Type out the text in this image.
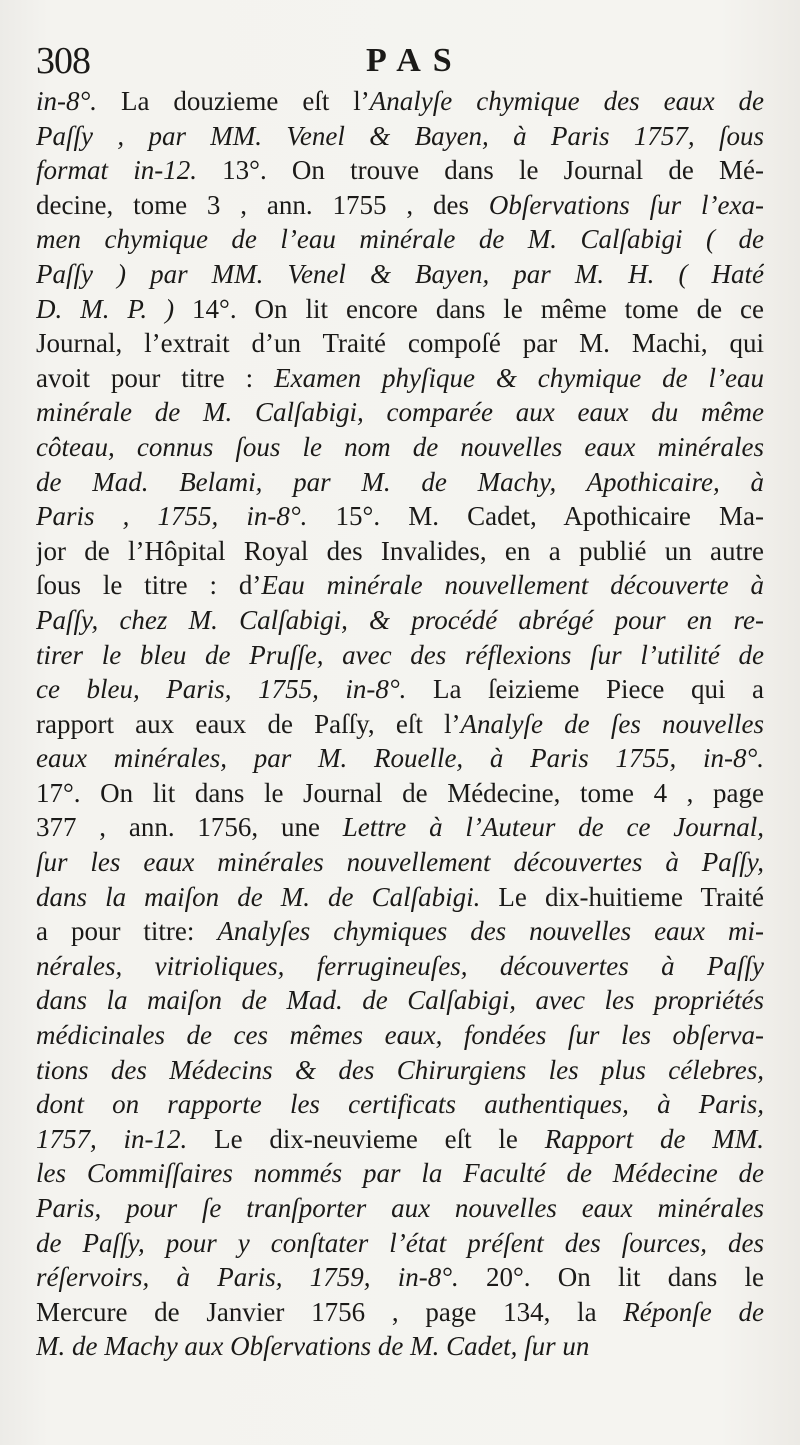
308	PAS
in-8°. La douzieme eſt l’Analyſe chymique des eaux de
Paſſy , par MM. Venel & Bayen, à Paris 1757, ſous
format in-12. 13°. On trouve dans le Journal de Mé-
decine, tome 3 , ann. 1755 , des Obſervations ſur l’exa-
men chymique de l’eau minérale de M. Calſabigi ( de
Paſſy ) par MM. Venel & Bayen, par M. H. ( Haté
D. M. P. ) 14°. On lit encore dans le même tome de ce
Journal, l’extrait d’un Traité compoſé par M. Machi, qui
avoit pour titre : Examen phyſique & chymique de l’eau
minérale de M. Calſabigi, comparée aux eaux du même
côteau, connus ſous le nom de nouvelles eaux minérales
de Mad. Belami, par M. de Machy, Apothicaire, à
Paris , 1755, in-8°. 15°. M. Cadet, Apothicaire Ma-
jor de l’Hôpital Royal des Invalides, en a publié un autre
ſous le titre : d’Eau minérale nouvellement découverte à
Paſſy, chez M. Calſabigi, & procédé abrégé pour en re-
tirer le bleu de Pruſſe, avec des réflexions ſur l’utilité de
ce bleu, Paris, 1755, in-8°. La ſeizieme Piece qui a
rapport aux eaux de Paſſy, eſt l’Analyſe de ſes nouvelles
eaux minérales, par M. Rouelle, à Paris 1755, in-8°.
17°. On lit dans le Journal de Médecine, tome 4 , page
377 , ann. 1756, une Lettre à l’Auteur de ce Journal,
ſur les eaux minérales nouvellement découvertes à Paſſy,
dans la maiſon de M. de Calſabigi. Le dix-huitieme Traité
a pour titre: Analyſes chymiques des nouvelles eaux mi-
nérales, vitrioliques, ferrugineuſes, découvertes à Paſſy
dans la maiſon de Mad. de Calſabigi, avec les propriétés
médicinales de ces mêmes eaux, fondées ſur les obſerva-
tions des Médecins & des Chirurgiens les plus célebres,
dont on rapporte les certificats authentiques, à Paris,
1757, in-12. Le dix-neuvieme eſt le Rapport de MM.
les Commiſſaires nommés par la Faculté de Médecine de
Paris, pour ſe tranſporter aux nouvelles eaux minérales
de Paſſy, pour y conſtater l’état préſent des ſources, des
réſervoirs, à Paris, 1759, in-8°. 20°. On lit dans le
Mercure de Janvier 1756 , page 134, la Réponſe de
M. de Machy aux Obſervations de M. Cadet, ſur un
